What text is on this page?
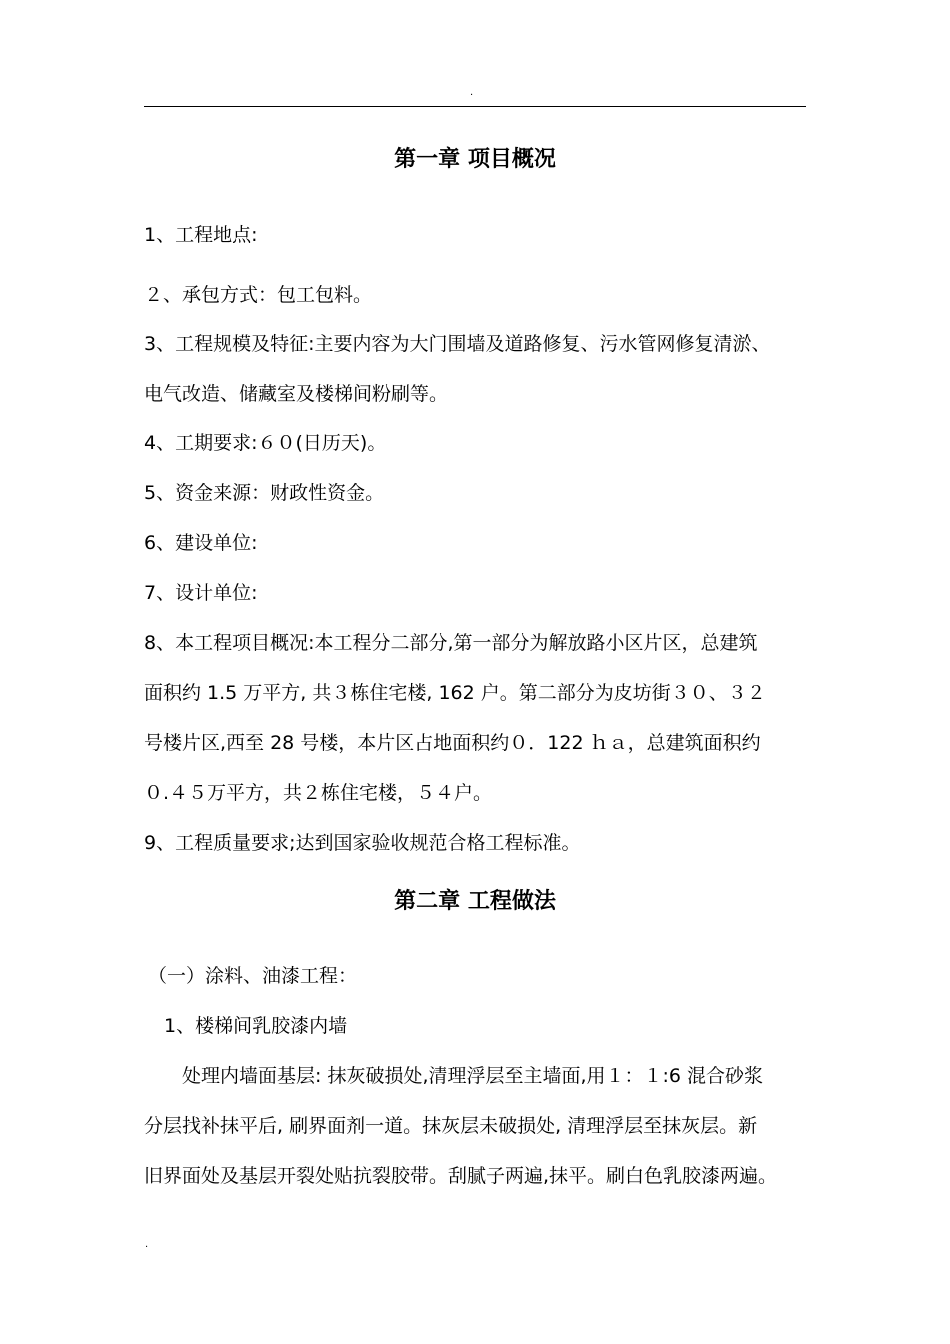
.
第一章 项目概况
1、工程地点:
２、承包方式：包工包料。
3、工程规模及特征:主要内容为大门围墙及道路修复、污水管网修复清淤、
电气改造、储藏室及楼梯间粉刷等。
4、工期要求:６０(日历天)。
5、资金来源：财政性资金。
6、建设单位:
7、设计单位:
8、本工程项目概况:本工程分二部分,第一部分为解放路小区片区，总建筑
面积约 1.5 万平方, 共３栋住宅楼, 162 户。第二部分为皮坊街３０、３２
号楼片区,西至 28 号楼，本片区占地面积约０．122 ｈａ，总建筑面积约
０.４５万平方，共２栋住宅楼，５４户。
9、工程质量要求;达到国家验收规范合格工程标准。
第二章 工程做法
（一）涂料、油漆工程：
1、楼梯间乳胶漆内墙
处理内墙面基层: 抹灰破损处,清理浮层至主墙面,用１：１:6 混合砂浆
分层找补抹平后, 刷界面剂一道。抹灰层未破损处, 清理浮层至抹灰层。新
旧界面处及基层开裂处贴抗裂胶带。刮腻子两遍,抹平。刷白色乳胶漆两遍。
.
